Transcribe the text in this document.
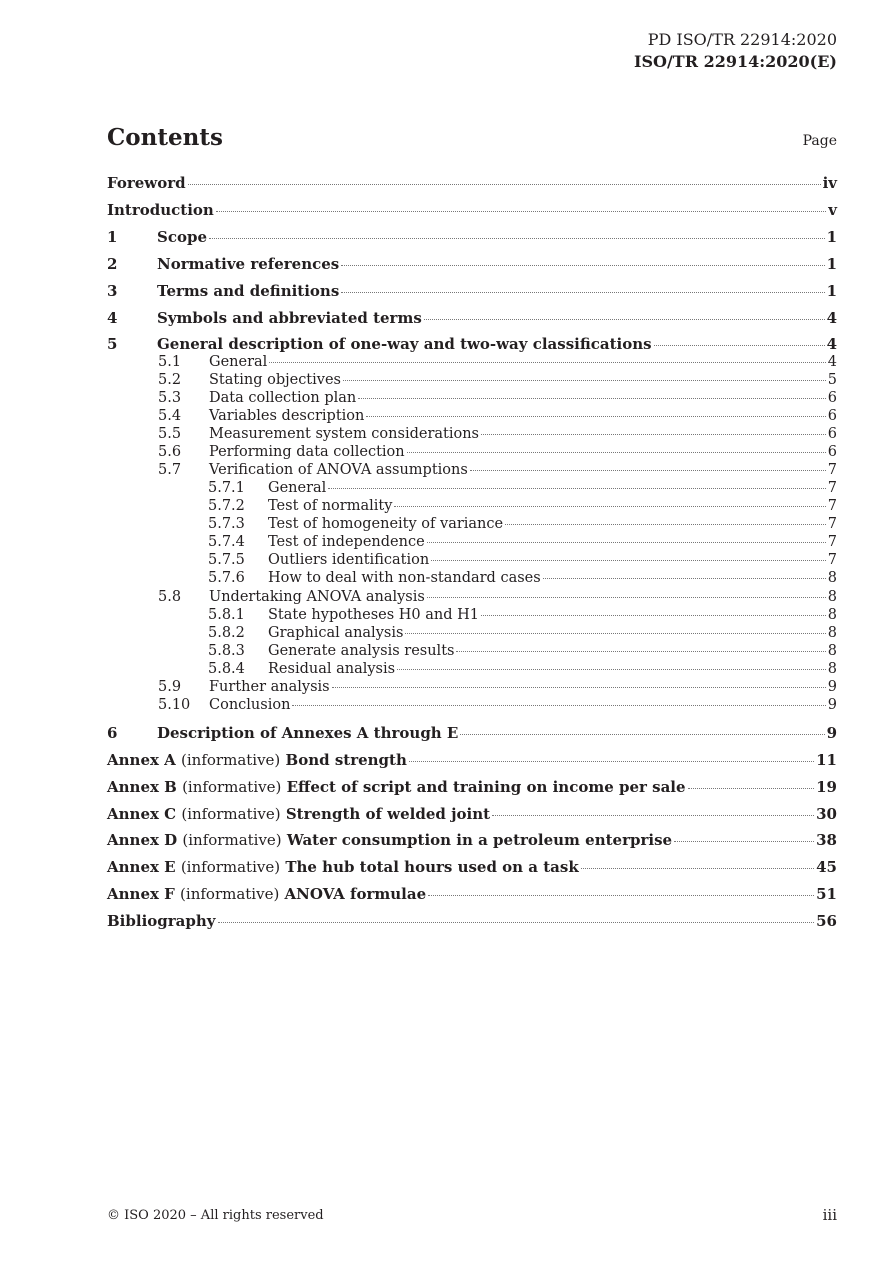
PD ISO/TR 22914:2020
ISO/TR 22914:2020(E)
Contents	Page
Foreword	iv
Introduction	v
1	Scope	1
2	Normative references	1
3	Terms and definitions	1
4	Symbols and abbreviated terms	4
5	General description of one-way and two-way classifications	4
5.1	General	4
5.2	Stating objectives	5
5.3	Data collection plan	6
5.4	Variables description	6
5.5	Measurement system considerations	6
5.6	Performing data collection	6
5.7	Verification of ANOVA assumptions	7
5.7.1	General	7
5.7.2	Test of normality	7
5.7.3	Test of homogeneity of variance	7
5.7.4	Test of independence	7
5.7.5	Outliers identification	7
5.7.6	How to deal with non-standard cases	8
5.8	Undertaking ANOVA analysis	8
5.8.1	State hypotheses H0 and H1	8
5.8.2	Graphical analysis	8
5.8.3	Generate analysis results	8
5.8.4	Residual analysis	8
5.9	Further analysis	9
5.10	Conclusion	9
6	Description of Annexes A through E	9
Annex A (informative) Bond strength	11
Annex B (informative) Effect of script and training on income per sale	19
Annex C (informative) Strength of welded joint	30
Annex D (informative) Water consumption in a petroleum enterprise	38
Annex E (informative) The hub total hours used on a task	45
Annex F (informative) ANOVA formulae	51
Bibliography	56
© ISO 2020 – All rights reserved	iii
